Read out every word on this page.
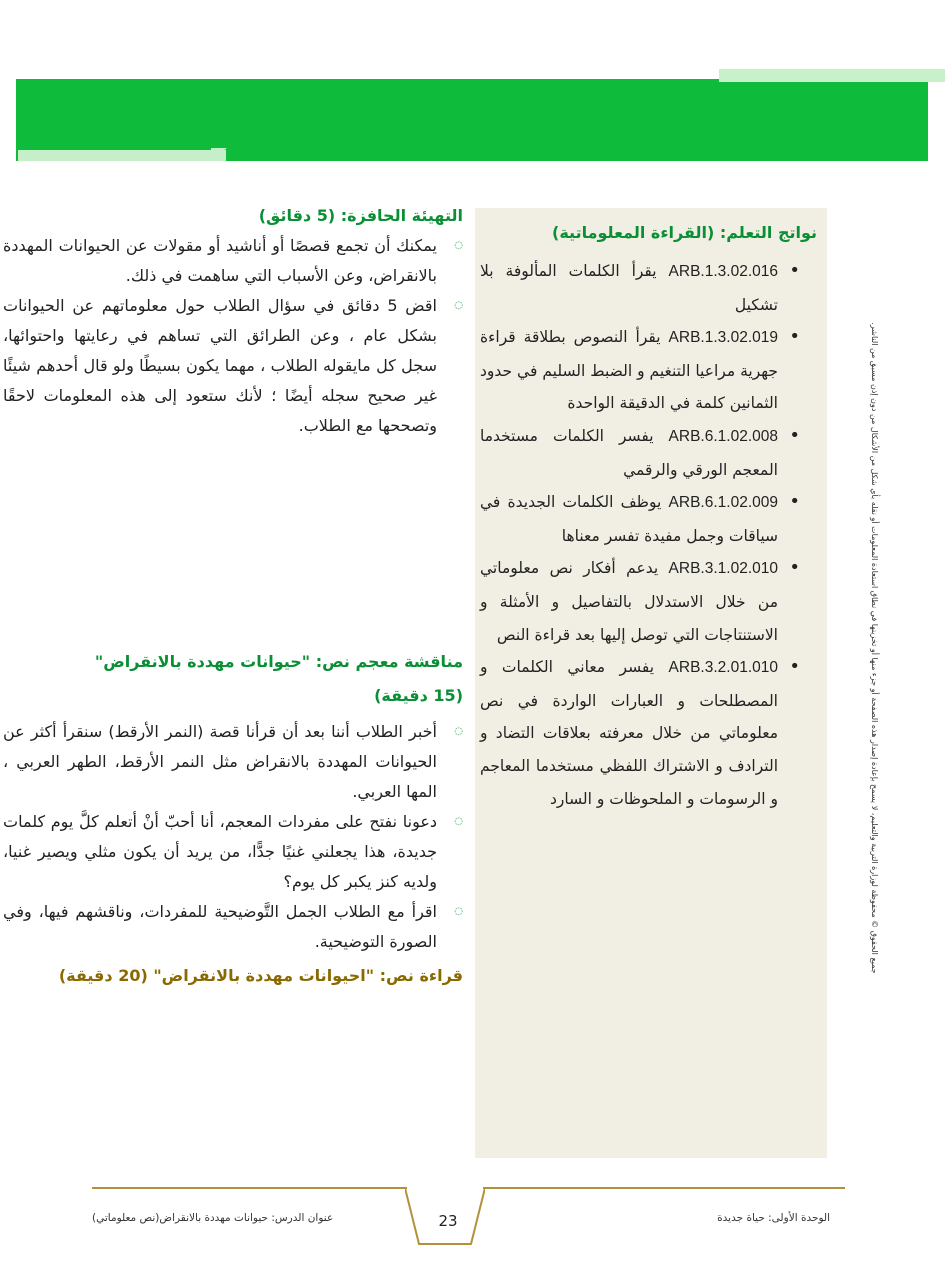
نواتج التعلم: (القراءة المعلوماتية)
• ARB.1.3.02.016 يقرأ الكلمات المألوفة بلا تشكيل
• ARB.1.3.02.019 يقرأ النصوص بطلاقة قراءة جهرية مراعيا التنغيم و الضبط السليم في حدود الثمانين كلمة في الدقيقة الواحدة
• ARB.6.1.02.008 يفسر الكلمات مستخدما المعجم الورقي والرقمي
• ARB.6.1.02.009 يوظف الكلمات الجديدة في سياقات وجمل مفيدة تفسر معناها
• ARB.3.1.02.010 يدعم أفكار نص معلوماتي من خلال الاستدلال بالتفاصيل و الأمثلة و الاستنتاجات التي توصل إليها بعد قراءة النص
• ARB.3.2.01.010 يفسر معاني الكلمات و المصطلحات و العبارات الواردة في نص معلوماتي من خلال معرفته بعلاقات التضاد و الترادف و الاشتراك اللفظي مستخدما المعاجم و الرسومات و الملحوظات و السارد	جميع الحقوق © محفوظة لوزارة التربية والتعليم، لا يسمح بإعادة إصدار هذه الصفحة أو جزء منها أو تخزينها في نطاق استعادة المعلومات أو نقله بأي شكل من الأشكال من دون إذن مسبق من الناشر.

التهيئة الحافزة: (5 دقائق)

◌ يمكنك أن تجمع قصصًا أو أناشيد أو مقولات عن الحيوانات المهددة بالانقراض، وعن الأسباب التي ساهمت في ذلك.
◌ اقض 5 دقائق في سؤال الطلاب حول معلوماتهم عن الحيوانات بشكل عام ، وعن الطرائق التي تساهم في رعايتها واحتوائها، سجل كل مايقوله الطلاب ، مهما يكون بسيطًا ولو قال أحدهم شيئًا غير صحيح سجله أيضًا ؛ لأنك ستعود إلى هذه المعلومات لاحقًا وتصححها مع الطلاب.

مناقشة معجم نص: "حيوانات مهددة بالانقراض"
(15 دقيقة)

◌ أخبر الطلاب أننا بعد أن قرأنا قصة (النمر الأرقط) سنقرأ أكثر عن الحيوانات المهددة بالانقراض مثل النمر الأرقط، الطهر العربي ، المها العربي.
◌ دعونا نفتح على مفردات المعجم، أنا أحبّ أنْ أتعلم كلَّ يوم كلمات جديدة، هذا يجعلني غنيًا جدًّا، من يريد أن يكون مثلي ويصير غنيا، ولديه كنز يكبر كل يوم؟
◌ اقرأ مع الطلاب الجمل التَّوضيحية للمفردات، وناقشهم فيها، وفي الصورة التوضيحية.

قراءة نص: "احيوانات مهددة بالانقراض" (20 دقيقة)

23
عنوان الدرس: حيوانات مهددة بالانقراض(نص معلوماتي)	الوحدة الأولى: حياة جديدة
